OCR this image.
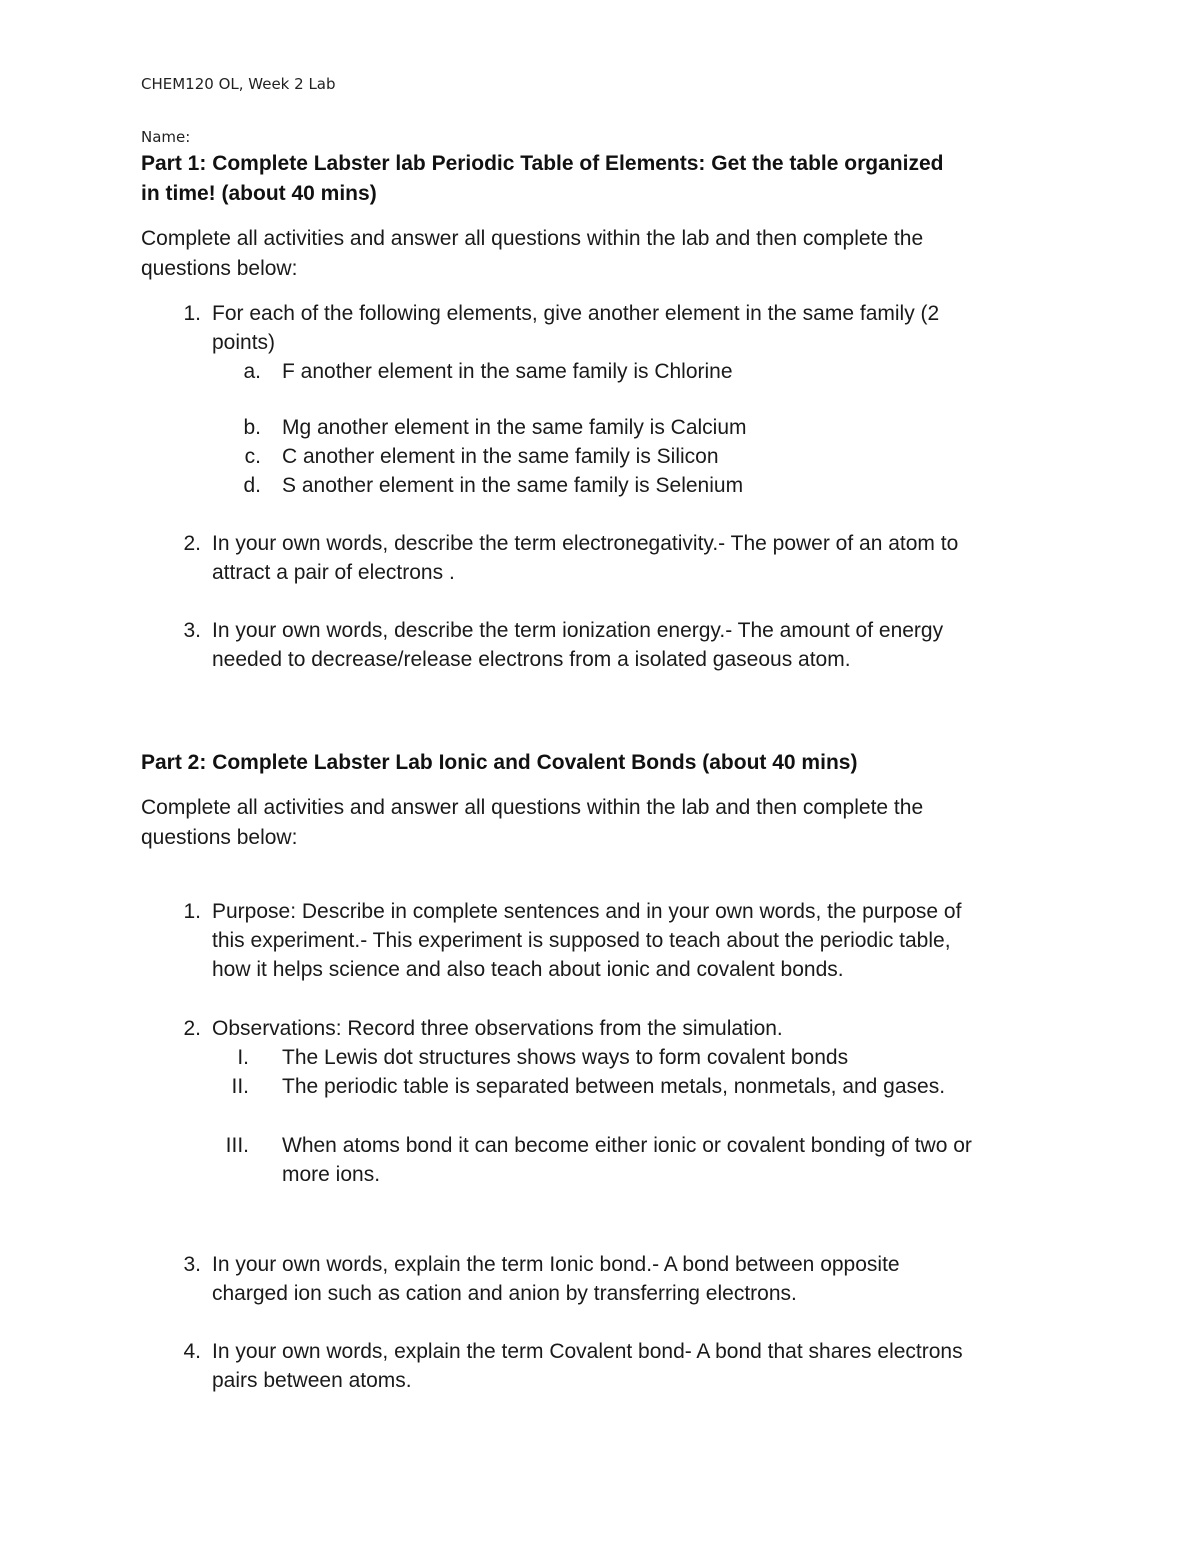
CHEM120 OL, Week 2 Lab
Name:

Part 1: Complete Labster lab Periodic Table of Elements: Get the table organized

in time! (about 40 mins)

Complete all activities and answer all questions within the lab and then complete the

questions below:

1. For each of the following elements, give another element in the same family (2
points)
a. F another element in the same family is Chlorine
b. Mg another element in the same family is Calcium
c. C another element in the same family is Silicon
d. S another element in the same family is Selenium
2. In your own words, describe the term electronegativity.- The power of an atom to
attract a pair of electrons .
3. In your own words, describe the term ionization energy.- The amount of energy
needed to decrease/release electrons from a isolated gaseous atom.

Part 2: Complete Labster Lab Ionic and Covalent Bonds (about 40 mins)

Complete all activities and answer all questions within the lab and then complete the

questions below:

1. Purpose: Describe in complete sentences and in your own words, the purpose of
this experiment.- This experiment is supposed to teach about the periodic table,
how it helps science and also teach about ionic and covalent bonds.
2. Observations: Record three observations from the simulation.
I. The Lewis dot structures shows ways to form covalent bonds
II. The periodic table is separated between metals, nonmetals, and gases.
III. When atoms bond it can become either ionic or covalent bonding of two or
more ions.
3. In your own words, explain the term Ionic bond.- A bond between opposite
charged ion such as cation and anion by transferring electrons.
4. In your own words, explain the term Covalent bond- A bond that shares electrons
pairs between atoms.
